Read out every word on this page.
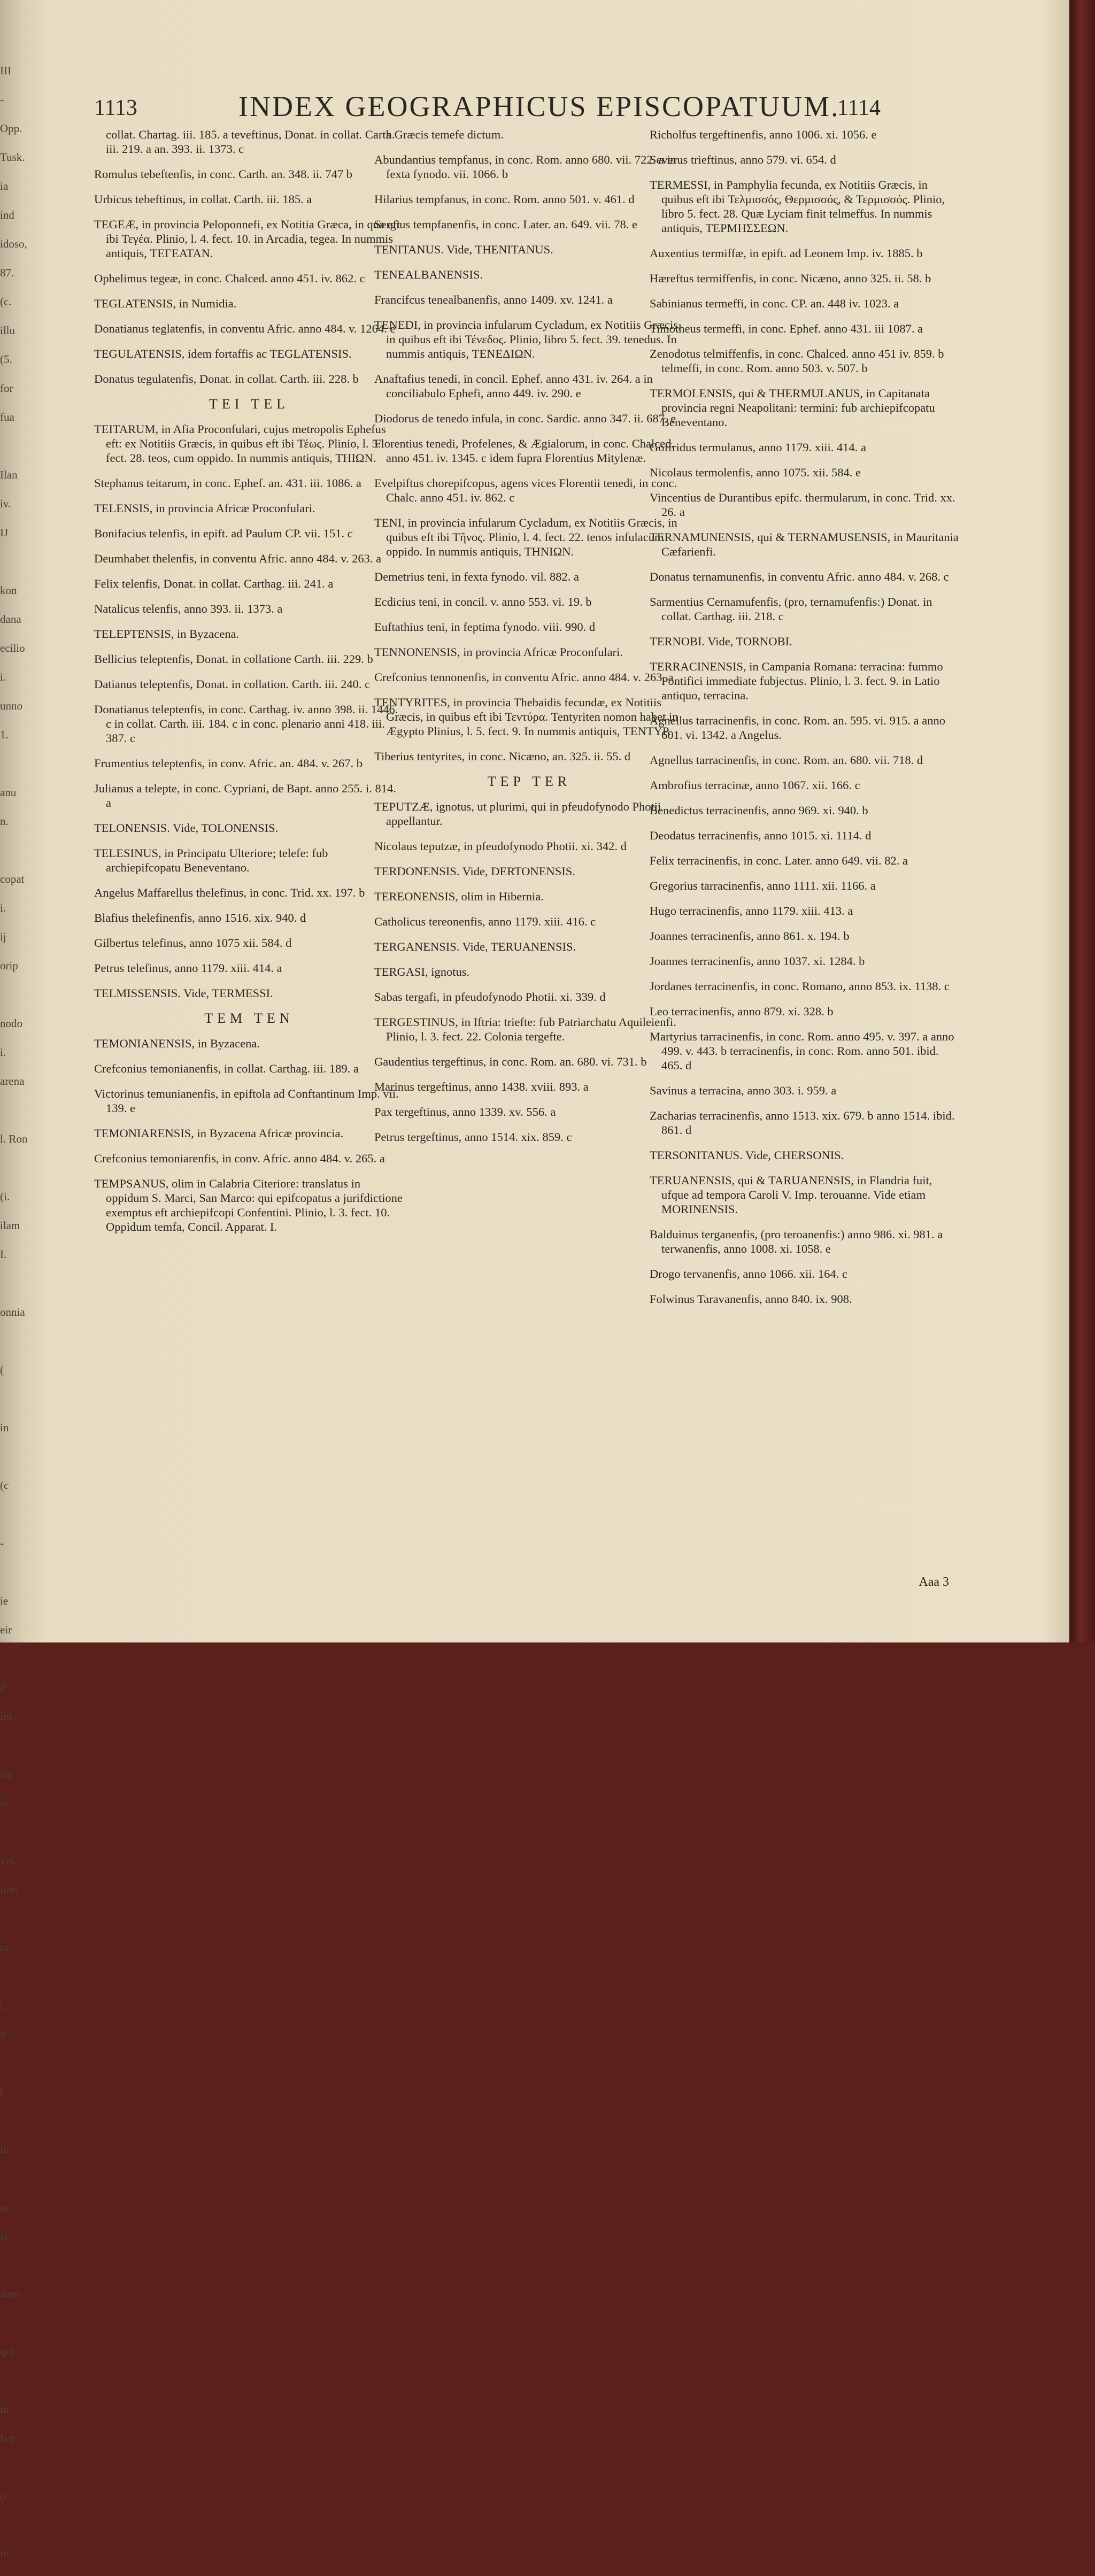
III
-
Opp.
Tusk.
ia
ind
idoso,
87.
(c.
illu
(5.
for
fua
Ilan
iv.
IJ
kon
dana
ecilio
i.
unno
1.
anu
n.
copat
i.
ij
orip
nodo
i.
arena
l. Ron
(i.
ilam
I.
onnia
(
in
(c
-
ie
eir
d
im.
ria
is
xis.
ium
ia
l.
ir
(
in
ra
is.
dam
qui
in
Ive
(c
in
1113	INDEX GEOGRAPHICUS EPISCOPATUUM.
1114
collat. Chartag. iii. 185. a teveftinus, Donat. in collat. Carth. iii. 219. a an. 393. ii. 1373. c
Romulus tebeftenfis, in conc. Carth. an. 348. ii. 747 b
Urbicus tebeftinus, in collat. Carth. iii. 185. a
TEGEÆ, in provincia Peloponnefi, ex Notitia Græca, in qua eft ibi Τεγέα. Plinio, l. 4. fect. 10. in Arcadia, tegea. In nummis antiquis, ΤΕΓΕΑΤΑΝ.
Ophelimus tegeæ, in conc. Chalced. anno 451. iv. 862. c
TEGLATENSIS, in Numidia.
Donatianus teglatenfis, in conventu Afric. anno 484. v. 1264. e
TEGULATENSIS, idem fortaffis ac TEGLATENSIS.
Donatus tegulatenfis, Donat. in collat. Carth. iii. 228. b
TEI TEL
TEITARUM, in Afia Proconfulari, cujus metropolis Ephefus eft: ex Notitiis Græcis, in quibus eft ibi Τέως. Plinio, l. 5. fect. 28. teos, cum oppido. In nummis antiquis, ΤΗΙΩΝ.
Stephanus teitarum, in conc. Ephef. an. 431. iii. 1086. a
TELENSIS, in provincia Africæ Proconfulari.
Bonifacius telenfis, in epift. ad Paulum CP. vii. 151. c
Deumhabet thelenfis, in conventu Afric. anno 484. v. 263. a
Felix telenfis, Donat. in collat. Carthag. iii. 241. a
Natalicus telenfis, anno 393. ii. 1373. a
TELEPTENSIS, in Byzacena.
Bellicius teleptenfis, Donat. in collatione Carth. iii. 229. b
Datianus teleptenfis, Donat. in collation. Carth. iii. 240. c
Donatianus teleptenfis, in conc. Carthag. iv. anno 398. ii. 1446. c in collat. Carth. iii. 184. c in conc. plenario anni 418. iii. 387. c
Frumentius teleptenfis, in conv. Afric. an. 484. v. 267. b
Julianus a telepte, in conc. Cypriani, de Bapt. anno 255. i. 814. a
TELONENSIS. Vide, TOLONENSIS.
TELESINUS, in Principatu Ulteriore; telefe: fub archiepifcopatu Beneventano.
Angelus Maffarellus thelefinus, in conc. Trid. xx. 197. b
Blafius thelefinenfis, anno 1516. xix. 940. d
Gilbertus telefinus, anno 1075 xii. 584. d
Petrus telefinus, anno 1179. xiii. 414. a
TELMISSENSIS. Vide, TERMESSI.
TEM TEN
TEMONIANENSIS, in Byzacena.
Crefconius temonianenfis, in collat. Carthag. iii. 189. a
Victorinus temunianenfis, in epiftola ad Conftantinum Imp. vii. 139. e
TEMONIARENSIS, in Byzacena Africæ provincia.
Crefconius temoniarenfis, in conv. Afric. anno 484. v. 265. a
TEMPSANUS, olim in Calabria Citeriore: translatus in oppidum S. Marci, San Marco: qui epifcopatus a jurifdictione exemptus eft archiepifcopi Confentini. Plinio, l. 3. fect. 10. Oppidum temfa, Concil. Apparat. I.
a Græcis temefe dictum.
Abundantius tempfanus, in conc. Rom. anno 680. vii. 722. a in fexta fynodo. vii. 1066. b
Hilarius tempfanus, in conc. Rom. anno 501. v. 461. d
Sergius tempfanenfis, in conc. Later. an. 649. vii. 78. e
TENITANUS. Vide, THENITANUS.
TENEALBANENSIS.
Francifcus tenealbanenfis, anno 1409. xv. 1241. a
TENEDI, in provincia infularum Cycladum, ex Notitiis Græcis, in quibus eft ibi Τένεδος. Plinio, libro 5. fect. 39. tenedus. In nummis antiquis, ΤΕΝΕΔΙΩΝ.
Anaftafius tenedi, in concil. Ephef. anno 431. iv. 264. a in conciliabulo Ephefi, anno 449. iv. 290. e
Diodorus de tenedo infula, in conc. Sardic. anno 347. ii. 687. e
Florentius tenedi, Profelenes, & Ægialorum, in conc. Chalced. anno 451. iv. 1345. c idem fupra Florentius Mitylenæ.
Evelpiftus chorepifcopus, agens vices Florentii tenedi, in conc. Chalc. anno 451. iv. 862. c
TENI, in provincia infularum Cycladum, ex Notitiis Græcis, in quibus eft ibi Τῆνος. Plinio, l. 4. fect. 22. tenos infulacum oppido. In nummis antiquis, ΤΗΝΙΩΝ.
Demetrius teni, in fexta fynodo. vil. 882. a
Ecdicius teni, in concil. v. anno 553. vi. 19. b
Euftathius teni, in feptima fynodo. viii. 990. d
TENNONENSIS, in provincia Africæ Proconfulari.
Crefconius tennonenfis, in conventu Afric. anno 484. v. 263. a
TENTYRITES, in provincia Thebaidis fecundæ, ex Notitiis Græcis, in quibus eft ibi Τεντύρα. Tentyriten nomon habet in Ægypto Plinius, l. 5. fect. 9. In nummis antiquis, ΤΕΝΤΥΡ.
Tiberius tentyrites, in conc. Nicæno, an. 325. ii. 55. d
TEP TER
TEPUTZÆ, ignotus, ut plurimi, qui in pfeudofynodo Photii appellantur.
Nicolaus teputzæ, in pfeudofynodo Photii. xi. 342. d
TERDONENSIS. Vide, DERTONENSIS.
TEREONENSIS, olim in Hibernia.
Catholicus tereonenfis, anno 1179. xiii. 416. c
TERGANENSIS. Vide, TERUANENSIS.
TERGASI, ignotus.
Sabas tergafi, in pfeudofynodo Photii. xi. 339. d
TERGESTINUS, in Iftria: triefte: fub Patriarchatu Aquileienfi. Plinio, l. 3. fect. 22. Colonia tergefte.
Gaudentius tergeftinus, in conc. Rom. an. 680. vi. 731. b
Marinus tergeftinus, anno 1438. xviii. 893. a
Pax tergeftinus, anno 1339. xv. 556. a
Petrus tergeftinus, anno 1514. xix. 859. c
Richolfus tergeftinenfis, anno 1006. xi. 1056. e
Severus trieftinus, anno 579. vi. 654. d
TERMESSI, in Pamphylia fecunda, ex Notitiis Græcis, in quibus eft ibi Τελμισσός, Θερμισσός, & Τερμισσός. Plinio, libro 5. fect. 28. Quæ Lyciam finit telmeffus. In nummis antiquis, ΤΕΡΜΗΣΣΕΩΝ.
Auxentius termiffæ, in epift. ad Leonem Imp. iv. 1885. b
Hæreftus termiffenfis, in conc. Nicæno, anno 325. ii. 58. b
Sabinianus termeffi, in conc. CP. an. 448 iv. 1023. a
Timotheus termeffi, in conc. Ephef. anno 431. iii 1087. a
Zenodotus telmiffenfis, in conc. Chalced. anno 451 iv. 859. b telmeffi, in conc. Rom. anno 503. v. 507. b
TERMOLENSIS, qui & THERMULANUS, in Capitanata provincia regni Neapolitani: termini: fub archiepifcopatu Beneventano.
Goffridus termulanus, anno 1179. xiii. 414. a
Nicolaus termolenfis, anno 1075. xii. 584. e
Vincentius de Durantibus epifc. thermularum, in conc. Trid. xx. 26. a
TERNAMUNENSIS, qui & TERNAMUSENSIS, in Mauritania Cæfarienfi.
Donatus ternamunenfis, in conventu Afric. anno 484. v. 268. c
Sarmentius Cernamufenfis, (pro, ternamufenfis:) Donat. in collat. Carthag. iii. 218. c
TERNOBI. Vide, TORNOBI.
TERRACINENSIS, in Campania Romana: terracina: fummo Pontifici immediate fubjectus. Plinio, l. 3. fect. 9. in Latio antiquo, terracina.
Agnellus tarracinenfis, in conc. Rom. an. 595. vi. 915. a anno 601. vi. 1342. a Angelus.
Agnellus tarracinenfis, in conc. Rom. an. 680. vii. 718. d
Ambrofius terracinæ, anno 1067. xii. 166. c
Benedictus terracinenfis, anno 969. xi. 940. b
Deodatus terracinenfis, anno 1015. xi. 1114. d
Felix terracinenfis, in conc. Later. anno 649. vii. 82. a
Gregorius tarracinenfis, anno 1111. xii. 1166. a
Hugo terracinenfis, anno 1179. xiii. 413. a
Joannes terracinenfis, anno 861. x. 194. b
Joannes terracinenfis, anno 1037. xi. 1284. b
Jordanes terracinenfis, in conc. Romano, anno 853. ix. 1138. c
Leo terracinenfis, anno 879. xi. 328. b
Martyrius tarracinenfis, in conc. Rom. anno 495. v. 397. a anno 499. v. 443. b terracinenfis, in conc. Rom. anno 501. ibid. 465. d
Savinus a terracina, anno 303. i. 959. a
Zacharias terracinenfis, anno 1513. xix. 679. b anno 1514. ibid. 861. d
TERSONITANUS. Vide, CHERSONIS.
TERUANENSIS, qui & TARUANENSIS, in Flandria fuit, ufque ad tempora Caroli V. Imp. terouanne. Vide etiam MORINENSIS.
Balduinus terganenfis, (pro teroanenfis:) anno 986. xi. 981. a terwanenfis, anno 1008. xi. 1058. e
Drogo tervanenfis, anno 1066. xii. 164. c
Folwinus Taravanenfis, anno 840. ix. 908.
Aaa 3
